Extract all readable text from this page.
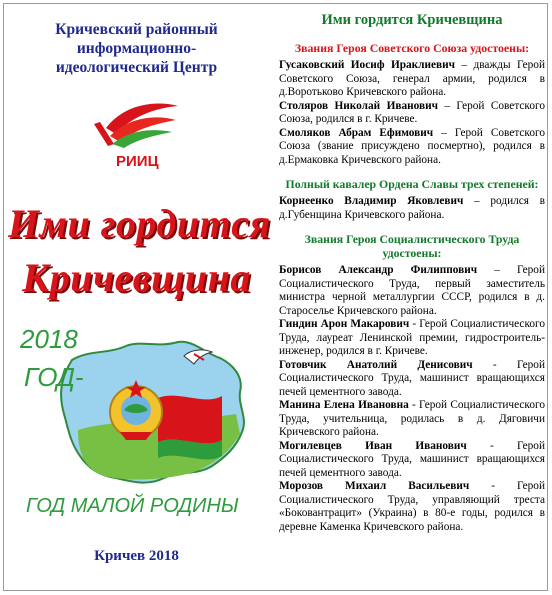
Кричевский районный
информационно-
идеологический Центр
РИИЦ
Ими гордится
Кричевщина
2018
ГОД-
ГОД МАЛОЙ РОДИНЫ
Кричев 2018
Ими гордится Кричевщина
Звания Героя Советского Союза удостоены:

Гусаковский Иосиф Ираклиевич – дважды Герой Советского Союза, генерал армии, родился в д.Воротьково Кричевского района.

Столяров Николай Иванович – Герой Советского Союза, родился в г. Кричеве.

Смоляков Абрам Ефимович – Герой Советского Союза (звание присуждено посмертно), родился в д.Ермаковка Кричевского района.

Полный кавалер Ордена Славы трех степеней:

Корнеенко Владимир Яковлевич – родился в д.Губенщина Кричевского района.

Звания Героя Социалистического Труда удостоены:

Борисов Александр Филиппович – Герой Социалистического Труда, первый заместитель министра черной металлургии СССР, родился в д. Староселье Кричевского района.

Гиндин Арон Макарович - Герой Социалистического Труда, лауреат Ленинской премии, гидростроитель-инженер, родился в г. Кричеве.

Готовчик Анатолий Денисович - Герой Социалистического Труда, машинист вращающихся печей цементного завода.

Манина Елена Ивановна - Герой Социалистического Труда, учительница, родилась в д. Дяговичи Кричевского района.

Могилевцев Иван Иванович - Герой Социалистического Труда, машинист вращающихся печей цементного завода.

Морозов Михаил Васильевич - Герой Социалистического Труда, управляющий треста «Боковантрацит» (Украина) в 80-е годы, родился в деревне Каменка Кричевского района.
